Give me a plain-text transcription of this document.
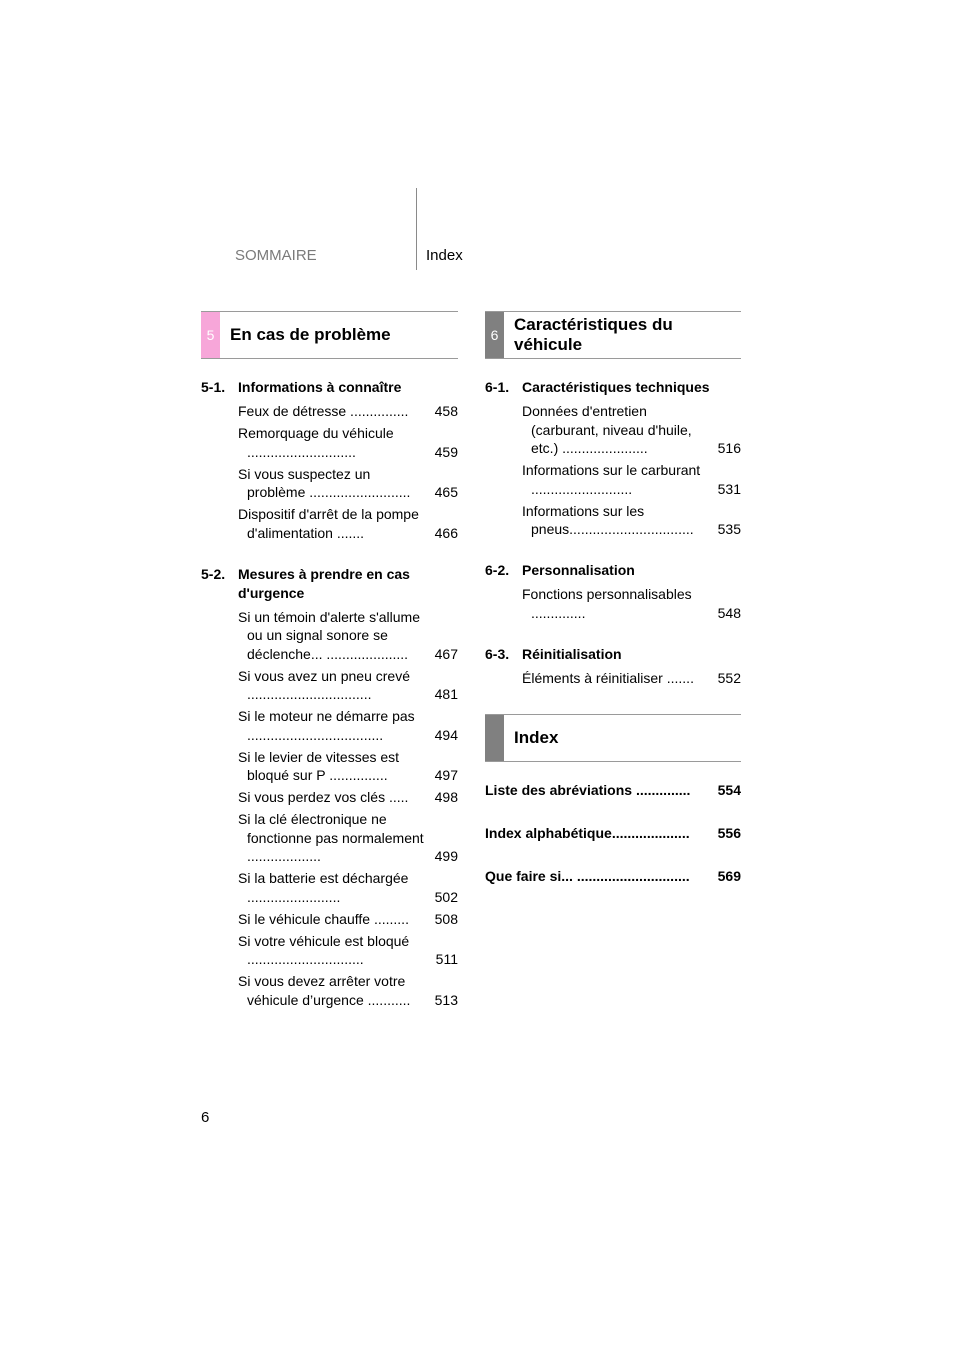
SOMMAIRE	Index
5 En cas de problème
5-1. Informations à connaître
Feux de détresse ............... 458
Remorquage du véhicule ............................	459
Si vous suspectez un problème .......................... 465
Dispositif d'arrêt de la pompe d'alimentation .......	466
5-2. Mesures à prendre en cas d'urgence
Si un témoin d'alerte s'allume ou un signal sonore se déclenche... ..................... 467
Si vous avez un pneu crevé ................................	481
Si le moteur ne démarre pas ...................................	494
Si le levier de vitesses est bloqué sur P ...............	497
Si vous perdez vos clés ..... 498
Si la clé électronique ne fonctionne pas normalement ...................	499
Si la batterie est déchargée ........................	502
Si le véhicule chauffe ......... 508
Si votre véhicule est bloqué ..............................	511
Si vous devez arrêter votre véhicule d’urgence ........... 513
6
Caractéristiques du véhicule
6-1. Caractéristiques techniques
Données d'entretien (carburant, niveau d'huile, etc.) ......................	516
Informations sur le carburant ..........................	531
Informations sur les pneus................................ 535
6-2. Personnalisation
Fonctions personnalisables ..............	548
6-3. Réinitialisation
Éléments à réinitialiser ....... 552
Index
Liste des abréviations .............. 554
Index alphabétique.................... 556
Que faire si... ............................. 569
6
